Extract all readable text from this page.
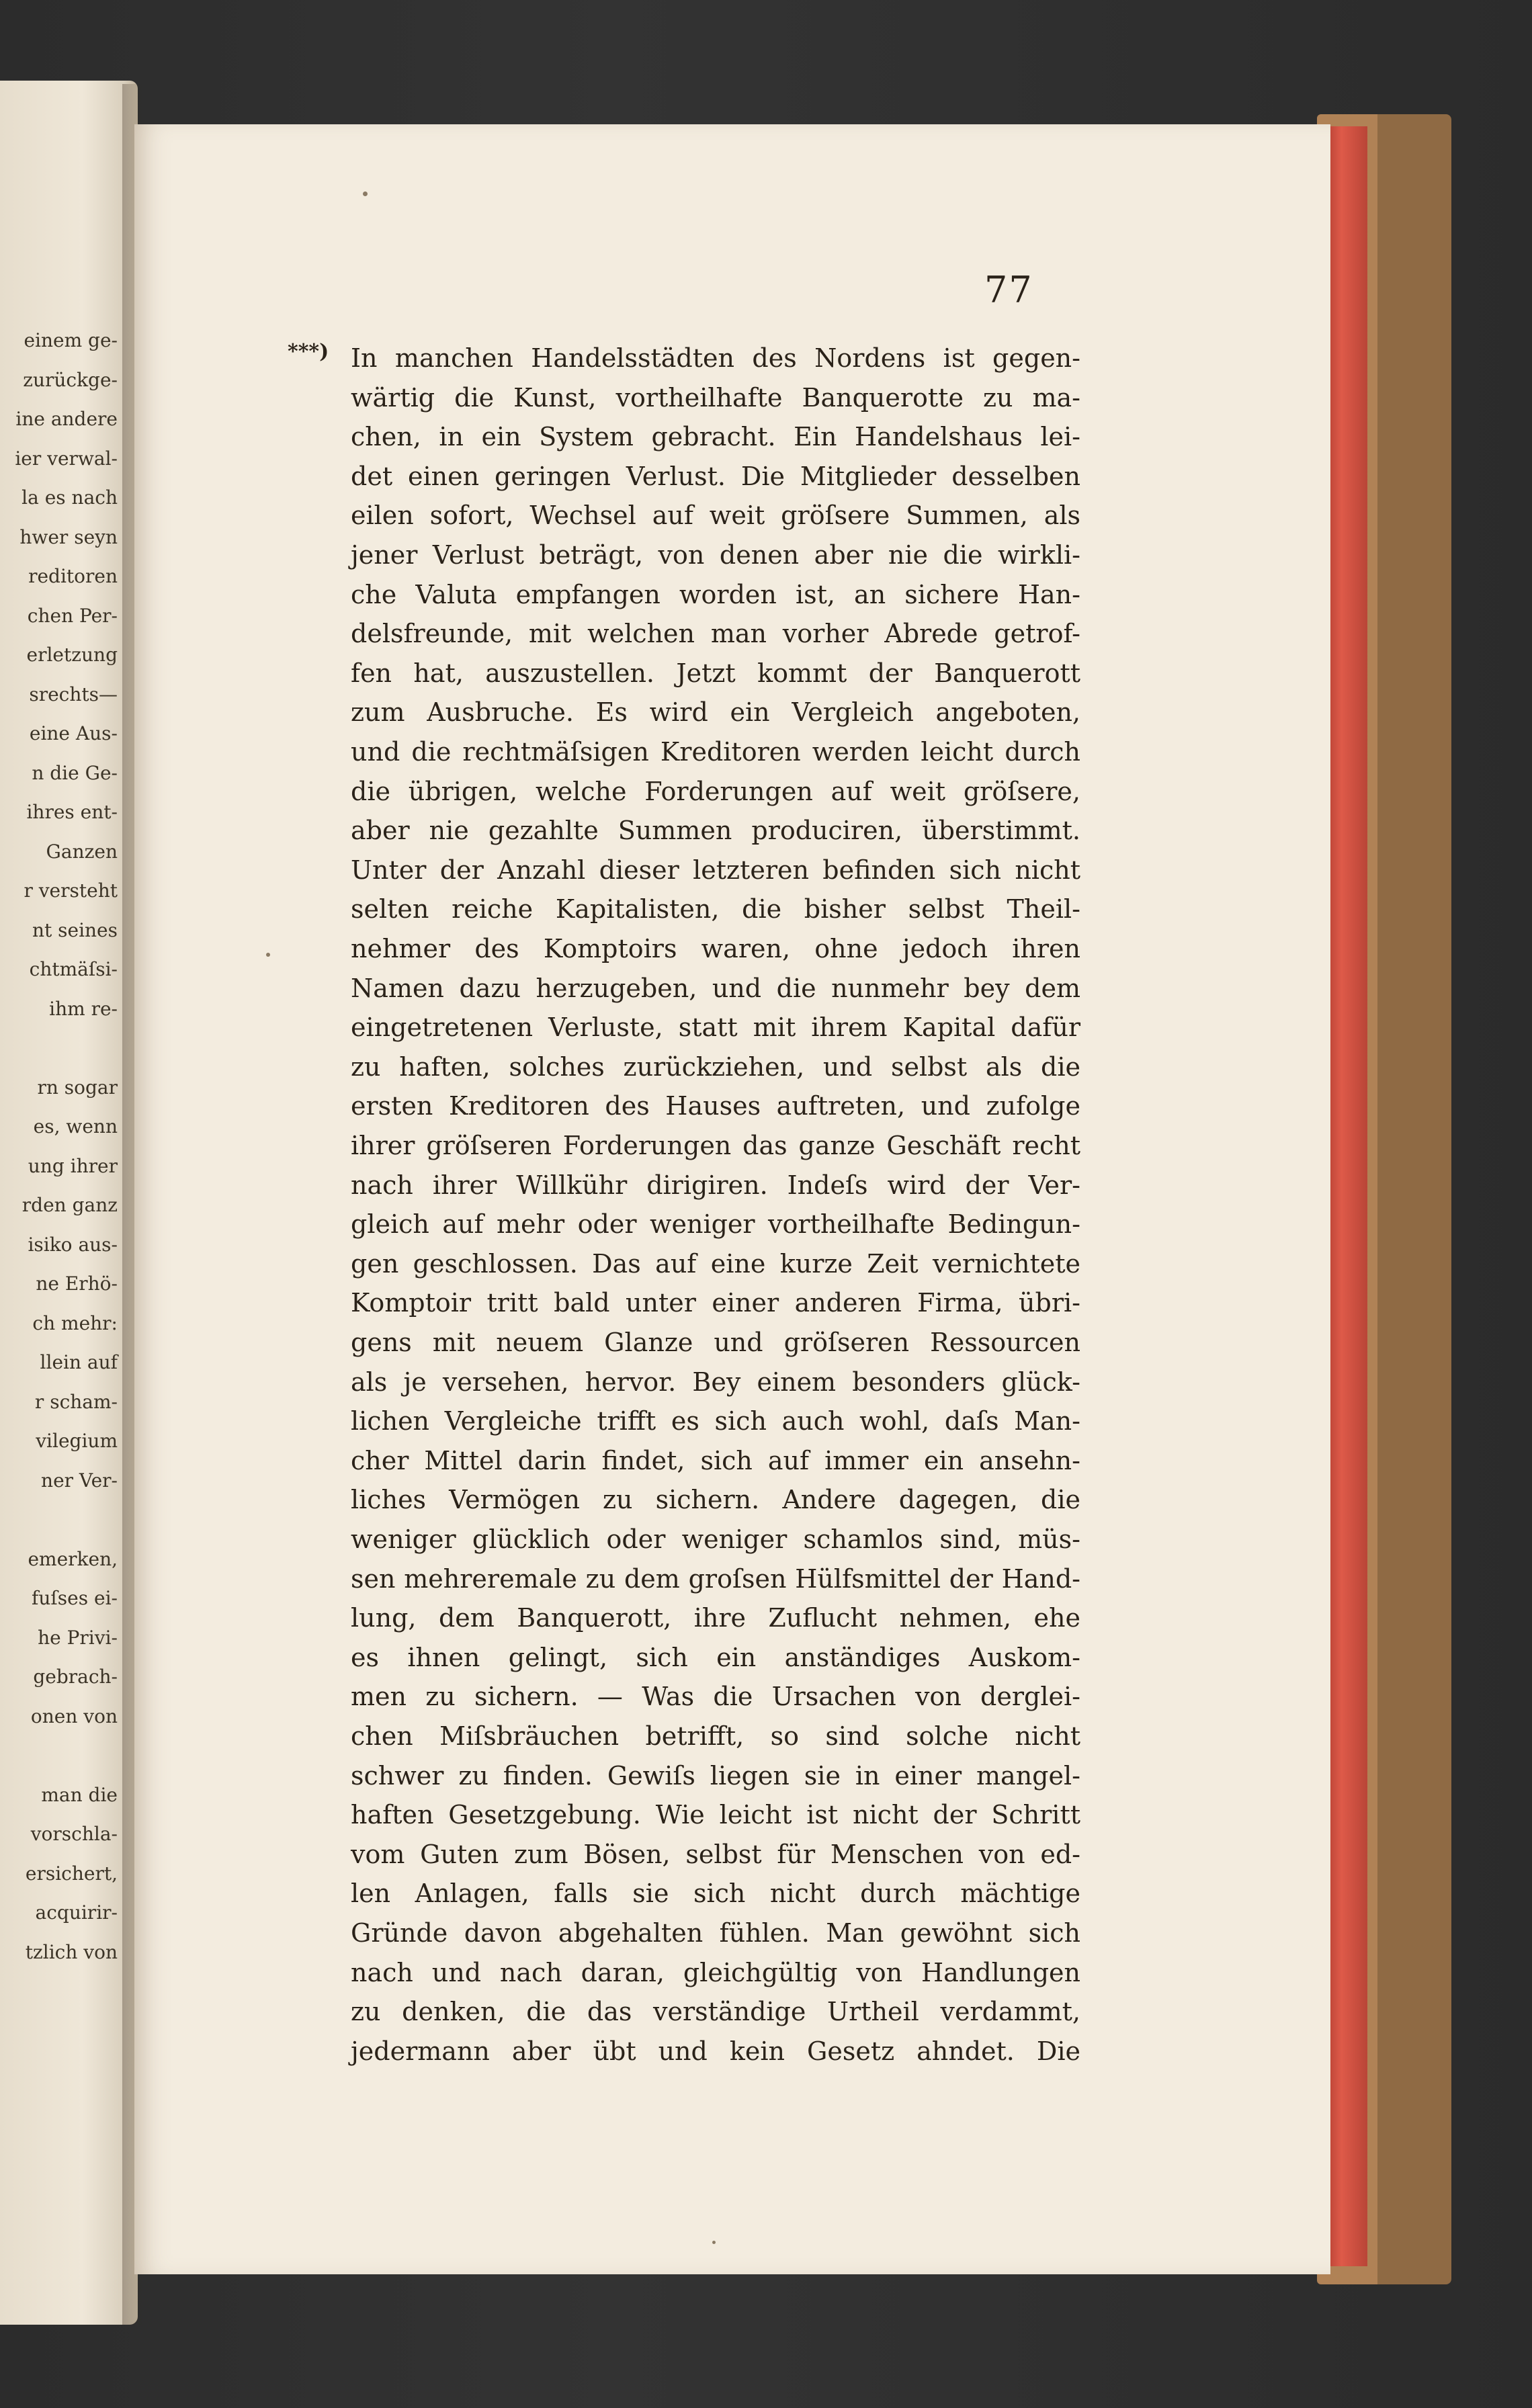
einem ge-
zurückge-
ine andere
ier verwal-
la es nach
hwer seyn
reditoren
chen Per-
erletzung
srechts—
eine Aus-
n die Ge-
ihres ent-
Ganzen
r versteht
nt seines
chtmäſsi-
ihm re-
rn sogar
es, wenn
ung ihrer
rden ganz
isiko aus-
ne Erhö-
ch mehr:
llein auf
r scham-
vilegium
ner Ver-
emerken,
fuſses ei-
he Privi-
gebrach-
onen von
man die
vorschla-
ersichert,
acquirir-
tzlich von
77
***) In manchen Handelsstädten des Nordens ist gegen-
wärtig die Kunst, vortheilhafte Banquerotte zu ma-
chen, in ein System gebracht. Ein Handelshaus lei-
det einen geringen Verlust. Die Mitglieder desselben
eilen sofort, Wechsel auf weit gröſsere Summen, als
jener Verlust beträgt, von denen aber nie die wirkli-
che Valuta empfangen worden ist, an sichere Han-
delsfreunde, mit welchen man vorher Abrede getrof-
fen hat, auszustellen. Jetzt kommt der Banquerott
zum Ausbruche. Es wird ein Vergleich angeboten,
und die rechtmäſsigen Kreditoren werden leicht durch
die übrigen, welche Forderungen auf weit gröſsere,
aber nie gezahlte Summen produciren, überstimmt.
Unter der Anzahl dieser letzteren befinden sich nicht
selten reiche Kapitalisten, die bisher selbst Theil-
nehmer des Komptoirs waren, ohne jedoch ihren
Namen dazu herzugeben, und die nunmehr bey dem
eingetretenen Verluste, statt mit ihrem Kapital dafür
zu haften, solches zurückziehen, und selbst als die
ersten Kreditoren des Hauses auftreten, und zufolge
ihrer gröſseren Forderungen das ganze Geschäft recht
nach ihrer Willkühr dirigiren. Indeſs wird der Ver-
gleich auf mehr oder weniger vortheilhafte Bedingun-
gen geschlossen. Das auf eine kurze Zeit vernichtete
Komptoir tritt bald unter einer anderen Firma, übri-
gens mit neuem Glanze und gröſseren Ressourcen
als je versehen, hervor. Bey einem besonders glück-
lichen Vergleiche trifft es sich auch wohl, daſs Man-
cher Mittel darin findet, sich auf immer ein ansehn-
liches Vermögen zu sichern. Andere dagegen, die
weniger glücklich oder weniger schamlos sind, müs-
sen mehreremale zu dem groſsen Hülfsmittel der Hand-
lung, dem Banquerott, ihre Zuflucht nehmen, ehe
es ihnen gelingt, sich ein anständiges Auskom-
men zu sichern. — Was die Ursachen von derglei-
chen Miſsbräuchen betrifft, so sind solche nicht
schwer zu finden. Gewiſs liegen sie in einer mangel-
haften Gesetzgebung. Wie leicht ist nicht der Schritt
vom Guten zum Bösen, selbst für Menschen von ed-
len Anlagen, falls sie sich nicht durch mächtige
Gründe davon abgehalten fühlen. Man gewöhnt sich
nach und nach daran, gleichgültig von Handlungen
zu denken, die das verständige Urtheil verdammt,
jedermann aber übt und kein Gesetz ahndet. Die
